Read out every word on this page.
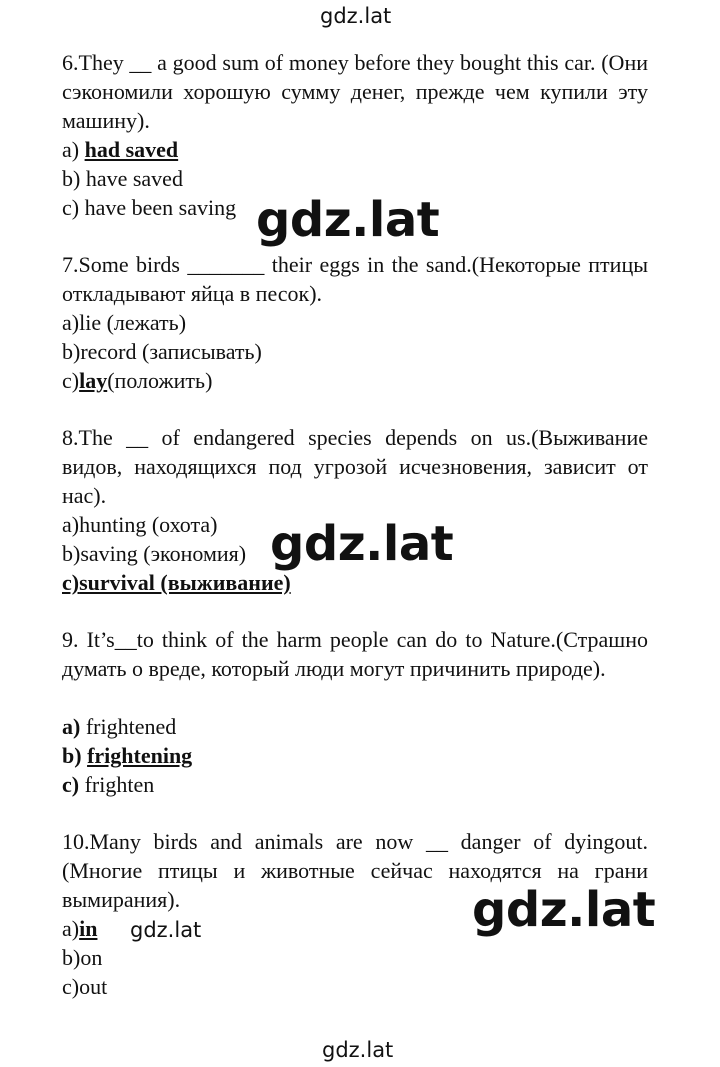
gdz.lat
6.They __ a good sum of money before they bought this car. (Они сэкономили хорошую сумму денег, прежде чем купили эту машину).
a) had saved
b) have saved
c) have been saving gdz.lat
7.Some birds _______ their eggs in the sand.(Некоторые птицы откладывают яйца в песок).
a)lie (лежать)
b)record (записывать)
c)lay(положить)
8.The __ of endangered species depends on us.(Выживание видов, находящихся под угрозой исчезновения, зависит от нас).
a)hunting (охота)
b)saving (экономия)
c)survival (выживание)
gdz.lat
9. It’s__to think of the harm people can do to Nature.(Страшно думать о вреде, который люди могут причинить природе).
a) frightened
b) frightening
c) frighten
10.Many birds and animals are now __ danger of dyingout.(Многие птицы и животные сейчас находятся на грани вымирания).
a)in
b)on
c)out
gdz.lat	gdz.lat
gdz.lat
